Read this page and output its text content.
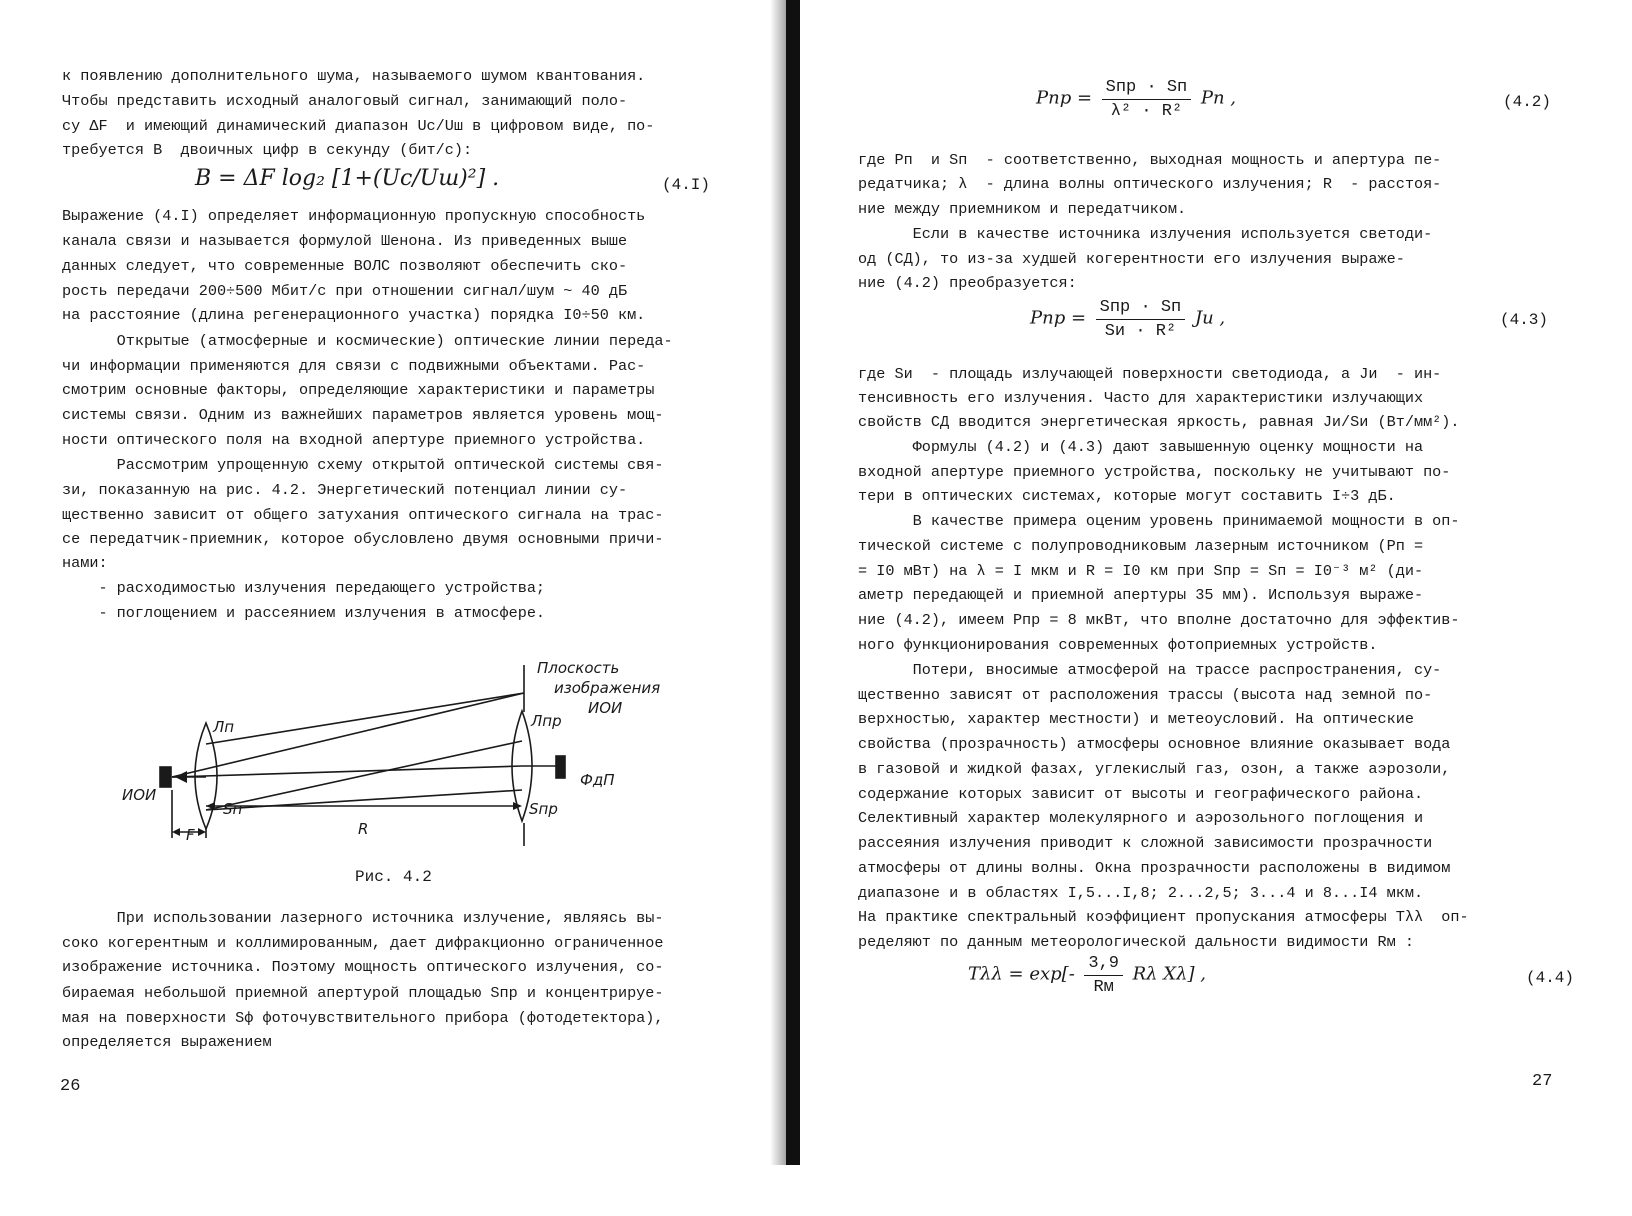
к появлению дополнительного шума, называемого шумом квантования.
Чтобы представить исходный аналоговый сигнал, занимающий поло-
су ΔF  и имеющий динамический диапазон Uc/Uш в цифровом виде, по-
требуется B  двоичных цифр в секунду (бит/с):
B = ΔF log₂ [1+(Uc/Uш)²] .	(4.I)
Выражение (4.I) определяет информационную пропускную способность
канала связи и называется формулой Шенона. Из приведенных выше
данных следует, что современные ВОЛС позволяют обеспечить ско-
рость передачи 200÷500 Мбит/с при отношении сигнал/шум ~ 40 дБ
на расстояние (длина регенерационного участка) порядка I0÷50 км.
Открытые (атмосферные и космические) оптические линии переда-
чи информации применяются для связи с подвижными объектами. Рас-
смотрим основные факторы, определяющие характеристики и параметры
системы связи. Одним из важнейших параметров является уровень мощ-
ности оптического поля на входной апертуре приемного устройства.
Рассмотрим упрощенную схему открытой оптической системы свя-
зи, показанную на рис. 4.2. Энергетический потенциал линии су-
щественно зависит от общего затухания оптического сигнала на трас-
се передатчик-приемник, которое обусловлено двумя основными причи-
нами:
- расходимостью излучения передающего устройства;
- поглощением и рассеянием излучения в атмосфере.
Плоскость
изображения
ИОИ
Лп	Лпр
ФдП
ИОИ
Sп	Sпр
F	R
Рис. 4.2
При использовании лазерного источника излучение, являясь вы-
соко когерентным и коллимированным, дает дифракционно ограниченное
изображение источника. Поэтому мощность оптического излучения, со-
бираемая небольшой приемной апертурой площадью Sпр и концентрируе-
мая на поверхности Sф фоточувствительного прибора (фотодетектора),
определяется выражением
26
Pпр = $\frac{\text{Sпр · Sп}}{\text{λ² · R²}}$ Pп ,	(4.2)
где Pп  и Sп  - соответственно, выходная мощность и апертура пе-
редатчика; λ  - длина волны оптического излучения; R  - расстоя-
ние между приемником и передатчиком.
Если в качестве источника излучения используется светоди-
од (СД), то из-за худшей когерентности его излучения выраже-
ние (4.2) преобразуется:
Pпр = $\frac{\text{Sпр · Sп}}{\text{Sи · R²}}$ Jи ,	(4.3)
где Sи  - площадь излучающей поверхности светодиода, а Jи  - ин-
тенсивность его излучения. Часто для характеристики излучающих
свойств СД вводится энергетическая яркость, равная Jи/Sи (Вт/мм²).
Формулы (4.2) и (4.3) дают завышенную оценку мощности на
входной апертуре приемного устройства, поскольку не учитывают по-
тери в оптических системах, которые могут составить I÷3 дБ.
В качестве примера оценим уровень принимаемой мощности в оп-
тической системе с полупроводниковым лазерным источником (Pп =
= I0 мВт) на λ = I мкм и R = I0 км при Sпр = Sп = I0⁻³ м² (ди-
аметр передающей и приемной апертуры 35 мм). Используя выраже-
ние (4.2), имеем Pпр = 8 мкВт, что вполне достаточно для эффектив-
ного функционирования современных фотоприемных устройств.
Потери, вносимые атмосферой на трассе распространения, су-
щественно зависят от расположения трассы (высота над земной по-
верхностью, характер местности) и метеоусловий. На оптические
свойства (прозрачность) атмосферы основное влияние оказывает вода
в газовой и жидкой фазах, углекислый газ, озон, а также аэрозоли,
содержание которых зависит от высоты и географического района.
Селективный характер молекулярного и аэрозольного поглощения и
рассеяния излучения приводит к сложной зависимости прозрачности
атмосферы от длины волны. Окна прозрачности расположены в видимом
диапазоне и в областях I,5...I,8; 2...2,5; 3...4 и 8...I4 мкм.
На практике спектральный коэффициент пропускания атмосферы Tλλ  оп-
ределяют по данным метеорологической дальности видимости Rм :
$T\lambda\lambda = \exp[- \frac{3,9}{Rм}$ Rλ Xλ] ,	(4.4)
27
